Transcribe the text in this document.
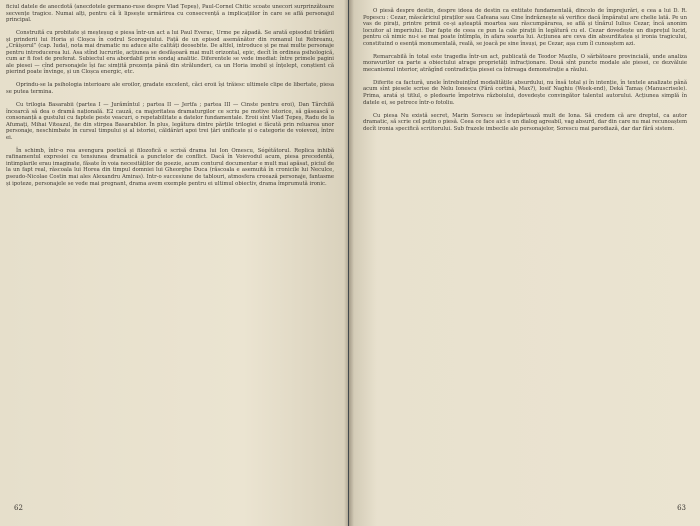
ficiul datele de anecdotă (anecdotele germano-ruse despre Vlad Țepeș), Paul-Cornel Chitic scoate unecori surprinzătoare secvențe tragice. Numai alți, pentru că îi lipsește urmărirea cu consecvență a implicațiilor în care se află personajul principal.

Construită cu probitate și meșteșug e piesa într-un act a lui Paul Everac, Urme pe zăpadă. Se arată episodul trădării și prinderii lui Horia și Cloșca în codrul Scorogeiului. Față de un episod asemănător din romanul lui Rebreanu, „Crăișorul” (cap. Iuda), nota mai dramatic nu aduce alte calități deosebite. De altfel, introduce și pe mai multe personaje pentru introducerea lui. Asa stînd lucrurile, acțiunea se desfășoară mai mult orizontal, epic, decît în ordinea psihologică, cum ar fi fost de preferat. Subiectul era abordabil prin sondaj analitic. Diferentele se vede imediat: între primele pagini ale piesei — cînd personajele își fac simțită prezența până din strălunderi, ca un Horia imobil și înțelept, conștient că pierind poate învinge, și un Cloșca energic, etc.

Oprindu-se la psihologia interioare ale eroilor, gradate excelent, căci eroii își trăiesc ultimele clipe de libertate, piesa se putea termina.

Cu trilogia Basarabii (partea I — Jurămîntul ; partea II — Jertfa ; partea III — Cinste pentru eroi), Dan Tărchilă încearcă să dea o dramă națională. E2 cauză, ca majoritatea dramaturgilor ce scriu pe motive istorice, să găsească o consonanță a gustului cu faptele peste veacuri, o repetabilitate a datelor fundamentale. Eroii sînt Vlad Țepeș, Radu de la Afumați, Mihai Viteazul, fie din stirpea Basarabilor. În plus, legătura dintre părțile trilogiei e făcută prin reluarea unor personaje, neschimbate în cursul timpului și al istoriei, căldărări apoi trei țări unificate și o categorie de voievozi, între ei.

În schimb, într-o rea avengura poetică și filozofică e scrisă drama lui Ion Omescu, Ségétătorul. Replica inhibă rafinamentul expresiei cu tensiunea dramatică a punctelor de conflict. Dacă în Voievodul acum, piesa precedentă, intimplarile erau imaginate, făsate în voia necesităților de poezie, acum conturul documentar e mult mai apăsat, piciul de la un fapt real, răscoala lui Horea din timpul domniei lui Gheorghe Duca (răscoala e asemuită în cronicile lui Neculce, pseudo-Nicolae Costin mai ales Alexandru Amiras). Intr-o succesiune de tablouri, atmosfera creează personaje, fantasme și ipoteze, personajele se vede mai pregnant, drama avem exemple pentru ei ultimul obiectiv, drama împrumută ironic.

62

O piesă despre destin, despre ideea de destin ca entitate fundamentală, dincolo de împrejurări, e cea a lui D. R. Popescu : Cezar, măscăriciul piraților sau Cafeana sau Cine îndrăznește să verifice dacă împăratul are chelie lată. Pe un vas de pirați, printre primii ce-și așteaptă moartea sau răscumpărarea, se află și tînărul Iulius Cezar, încă anonim locuitor al imperiului. Dar fapte de ceea ce pun la cale pirații în legătură cu el. Cezar dovedește un disprețul lucid, pentru că nimic nu-i se mai poate întîmpla, în afara soarta lui. Acțiunea are ceva din absurditatea și ironia tragicului, constituind o esență monumentală, reală, se joacă pe sine însuși, pe Cezar, așa cum îl cunoaștem azi.

Remarcabilă în total este tragedia într-un act, publicată de Teodor Mazilu, O sărbătoare provincială, unde analiza moravurilor ca parte a obiectului atrage proprietăți infracționare. Două sînt puncte modale ale piesei, ce dezvăluie mecanismul interior, atrăgînd contradicția piesei ca întreaga demonstrație a răului.

Diferite ca factură, unele întrebuințînd modalitățile absurdului, nu însă total și în intenție, în textele analizate până acum sînt piesele scrise de Nelu Ionescu (Fără cortină, Max?), Iosif Naghiu (Week-end), Dekă Tamaș (Manuscrisele). Prima, aratá și titlul, o pledoarie împotriva războiului, dovedește convingător talentul autorului. Acțiunea simplă în datele ei, se petrece într-o fotoliu.

Cu piesa Nu există secret, Marin Sorescu se îndepărtează mult de Iona. Să credem că are dreptul, ca autor dramatic, să scrie cel puțin o piesă. Ceea ce face aici e un dialog agreabil, vag absurd, dar din care nu mai recunoaștem decît ironia specifică scriitorului. Sub frazele imbecile ale personajelor, Sorescu mai parodiază, dar dar fără sistem.

63
